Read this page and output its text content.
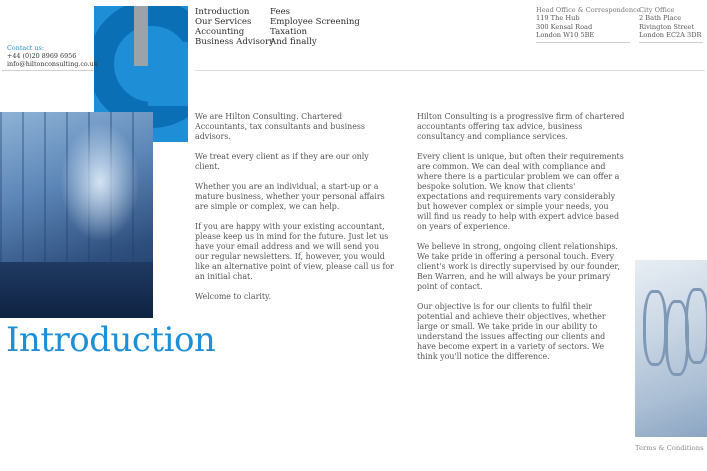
Introduction
Our Services
Accounting
Business Advisory
Fees
Employee Screening
Taxation
And finally
Head Office & Correspondence
119 The Hub
300 Kensal Road
London W10 5BE
City Office
2 Bath Place
Rivington Street
London EC2A 3DR
Contact us:
+44 (0)20 8969 6956
info@hiltonconsulting.co.uk
Introduction

We are Hilton Consulting. Chartered Accountants, tax consultants and business advisors.

We treat every client as if they are our only client.

Whether you are an individual, a start-up or a mature business, whether your personal affairs are simple or complex, we can help.

If you are happy with your existing accountant, please keep us in mind for the future. Just let us have your email address and we will send you our regular newsletters. If, however, you would like an alternative point of view, please call us for an initial chat.

Welcome to clarity.

Hilton Consulting is a progressive firm of chartered accountants offering tax advice, business consultancy and compliance services.

Every client is unique, but often their requirements are common. We can deal with compliance and where there is a particular problem we can offer a bespoke solution. We know that clients' expectations and requirements vary considerably but however complex or simple your needs, you will find us ready to help with expert advice based on years of experience.

We believe in strong, ongoing client relationships. We take pride in offering a personal touch. Every client's work is directly supervised by our founder, Ben Warren, and he will always be your primary point of contact.

Our objective is for our clients to fulfil their potential and achieve their objectives, whether large or small. We take pride in our ability to understand the issues affecting our clients and have become expert in a variety of sectors. We think you'll notice the difference.

Terms & Conditions
